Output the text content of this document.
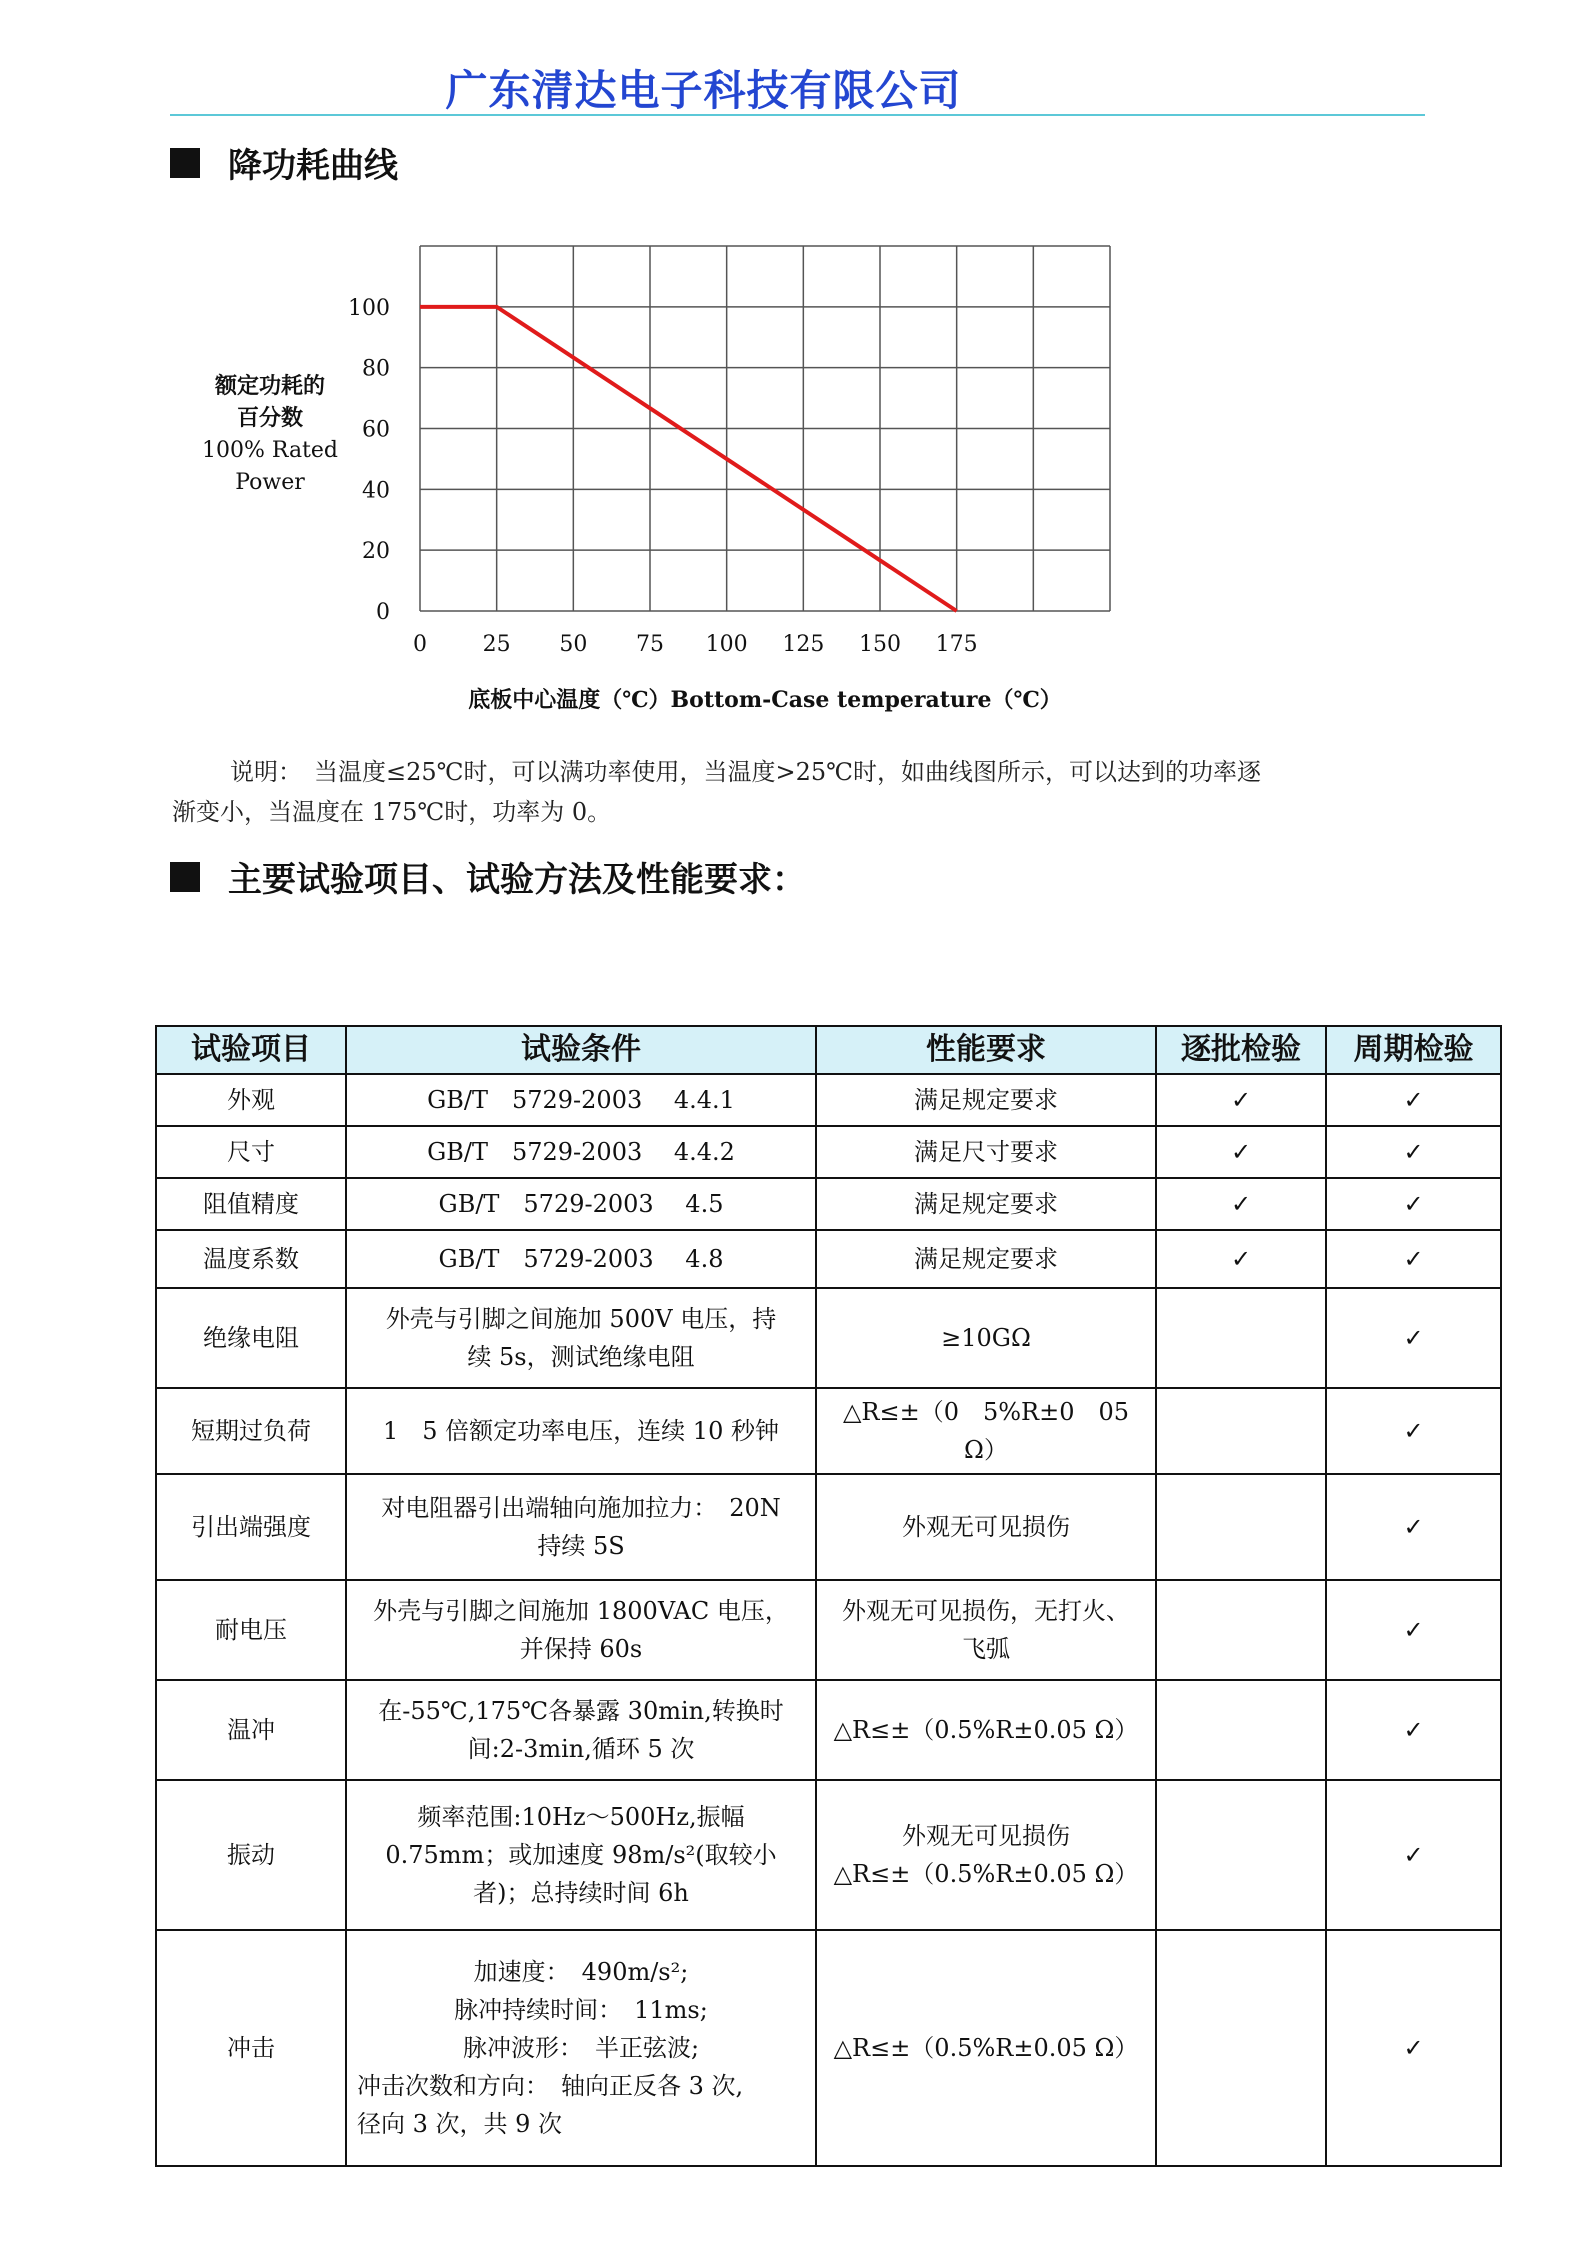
广东清达电子科技有限公司
降功耗曲线
0
20
40
60
80
100
0	25 50 75 100 125 150 175
底板中心温度（℃）Bottom-Case temperature（℃）
额定功耗的
百分数
100% Rated
Power
说明：　当温度≤25℃时，可以满功率使用，当温度>25℃时，如曲线图所示，可以达到的功率逐
渐变小，当温度在 175℃时，功率为 0。
主要试验项目、试验方法及性能要求：
试验项目	试验条件	性能要求	逐批检验	周期检验
外观	GB/T　5729-2003　 4.4.1	满足规定要求	✓	✓
尺寸	GB/T　5729-2003　 4.4.2	满足尺寸要求	✓	✓
阻值精度	GB/T　5729-2003　 4.5	满足规定要求	✓	✓
温度系数	GB/T　5729-2003　 4.8	满足规定要求	✓	✓
绝缘电阻	外壳与引脚之间施加 500V 电压，持
续 5s，测试绝缘电阻	≥10GΩ		✓
短期过负荷	1　5 倍额定功率电压，连续 10 秒钟	△R≤±（0　5%R±0　05 Ω）		✓
引出端强度	对电阻器引出端轴向施加拉力：　20N
持续 5S	外观无可见损伤		✓
耐电压	外壳与引脚之间施加 1800VAC 电压，
并保持 60s	外观无可见损伤，无打火、
飞弧		✓
温冲	在-55℃,175℃各暴露 30min,转换时
间:2-3min,循环 5 次	△R≤±（0.5%R±0.05 Ω）		✓
振动	频率范围:10Hz～500Hz,振幅
0.75mm；或加速度 98m/s²(取较小
者)；总持续时间 6h	外观无可见损伤
△R≤±（0.5%R±0.05 Ω）		✓
冲击	加速度：　490m/s²;
脉冲持续时间：　11ms;
脉冲波形：　半正弦波;
冲击次数和方向：　轴向正反各 3 次,
径向 3 次，共 9 次	△R≤±（0.5%R±0.05 Ω）		✓
